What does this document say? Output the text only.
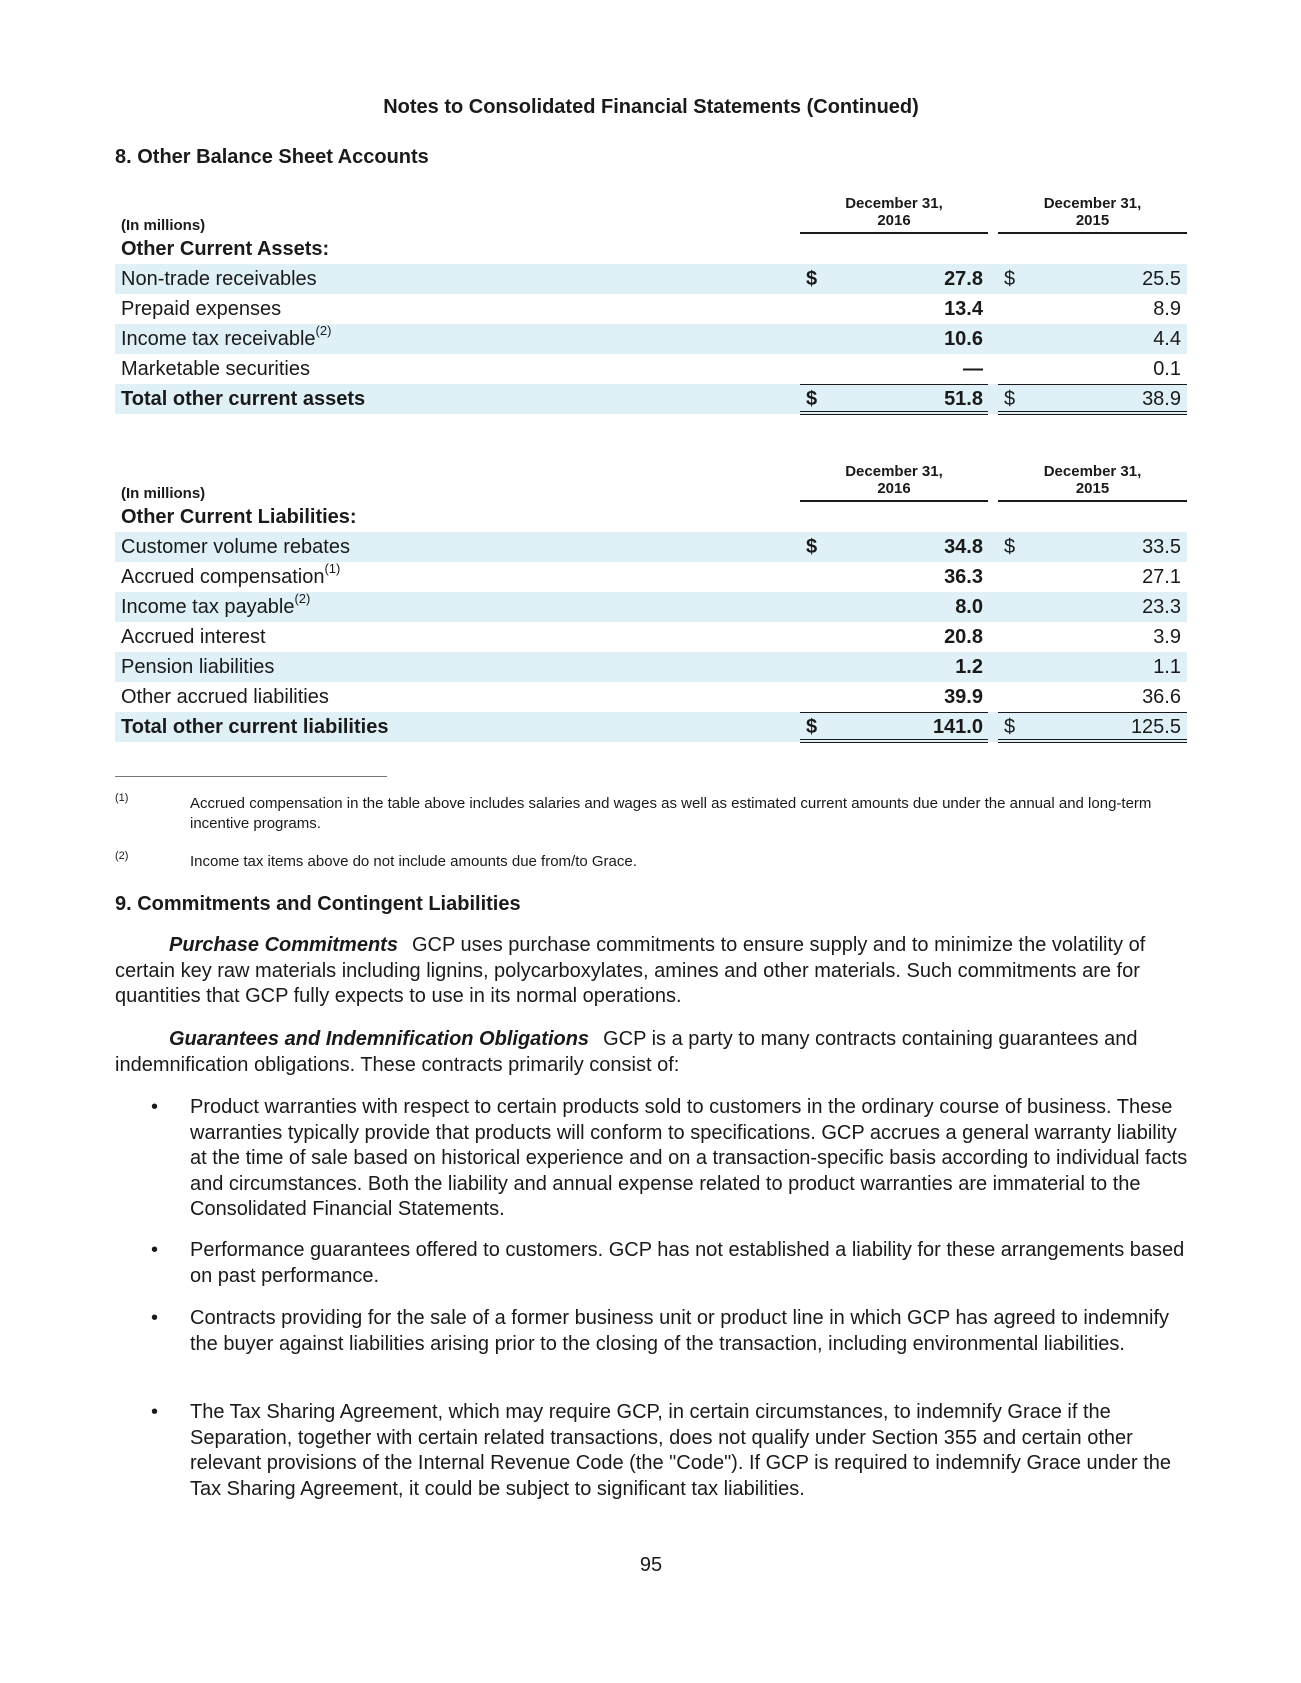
Notes to Consolidated Financial Statements (Continued)
8. Other Balance Sheet Accounts
(In millions)
December 31,
2016
December 31,
2015
Other Current Assets:
Non-trade receivables	$	27.8 $	25.5
Prepaid expenses	13.4	8.9
Income tax receivable$^{(2)}$	10.6	4.4
Marketable securities	—	0.1
Total other current assets	$	51.8 $	38.9
(In millions)
December 31,
2016
December 31,
2015
Other Current Liabilities:
Customer volume rebates	$	34.8 $	33.5
Accrued compensation$^{(1)}$	36.3	27.1
Income tax payable$^{(2)}$	8.0	23.3
Accrued interest	20.8	3.9
Pension liabilities	1.2	1.1
Other accrued liabilities	39.9	36.6
Total other current liabilities	$	141.0 $	125.5
(1)	Accrued compensation in the table above includes salaries and wages as well as estimated current amounts due under the annual and long-term incentive programs.
(2)	Income tax items above do not include amounts due from/to Grace.
9. Commitments and Contingent Liabilities
Purchase Commitments GCP uses purchase commitments to ensure supply and to minimize the volatility of certain key raw materials including lignins, polycarboxylates, amines and other materials. Such commitments are for quantities that GCP fully expects to use in its normal operations.
Guarantees and Indemnification Obligations GCP is a party to many contracts containing guarantees and indemnification obligations. These contracts primarily consist of:
• Product warranties with respect to certain products sold to customers in the ordinary course of business. These warranties typically provide that products will conform to specifications. GCP accrues a general warranty liability at the time of sale based on historical experience and on a transaction-specific basis according to individual facts and circumstances. Both the liability and annual expense related to product warranties are immaterial to the Consolidated Financial Statements.
• Performance guarantees offered to customers. GCP has not established a liability for these arrangements based on past performance.
• Contracts providing for the sale of a former business unit or product line in which GCP has agreed to indemnify the buyer against liabilities arising prior to the closing of the transaction, including environmental liabilities.
• The Tax Sharing Agreement, which may require GCP, in certain circumstances, to indemnify Grace if the Separation, together with certain related transactions, does not qualify under Section 355 and certain other relevant provisions of the Internal Revenue Code (the "Code"). If GCP is required to indemnify Grace under the Tax Sharing Agreement, it could be subject to significant tax liabilities.
95
